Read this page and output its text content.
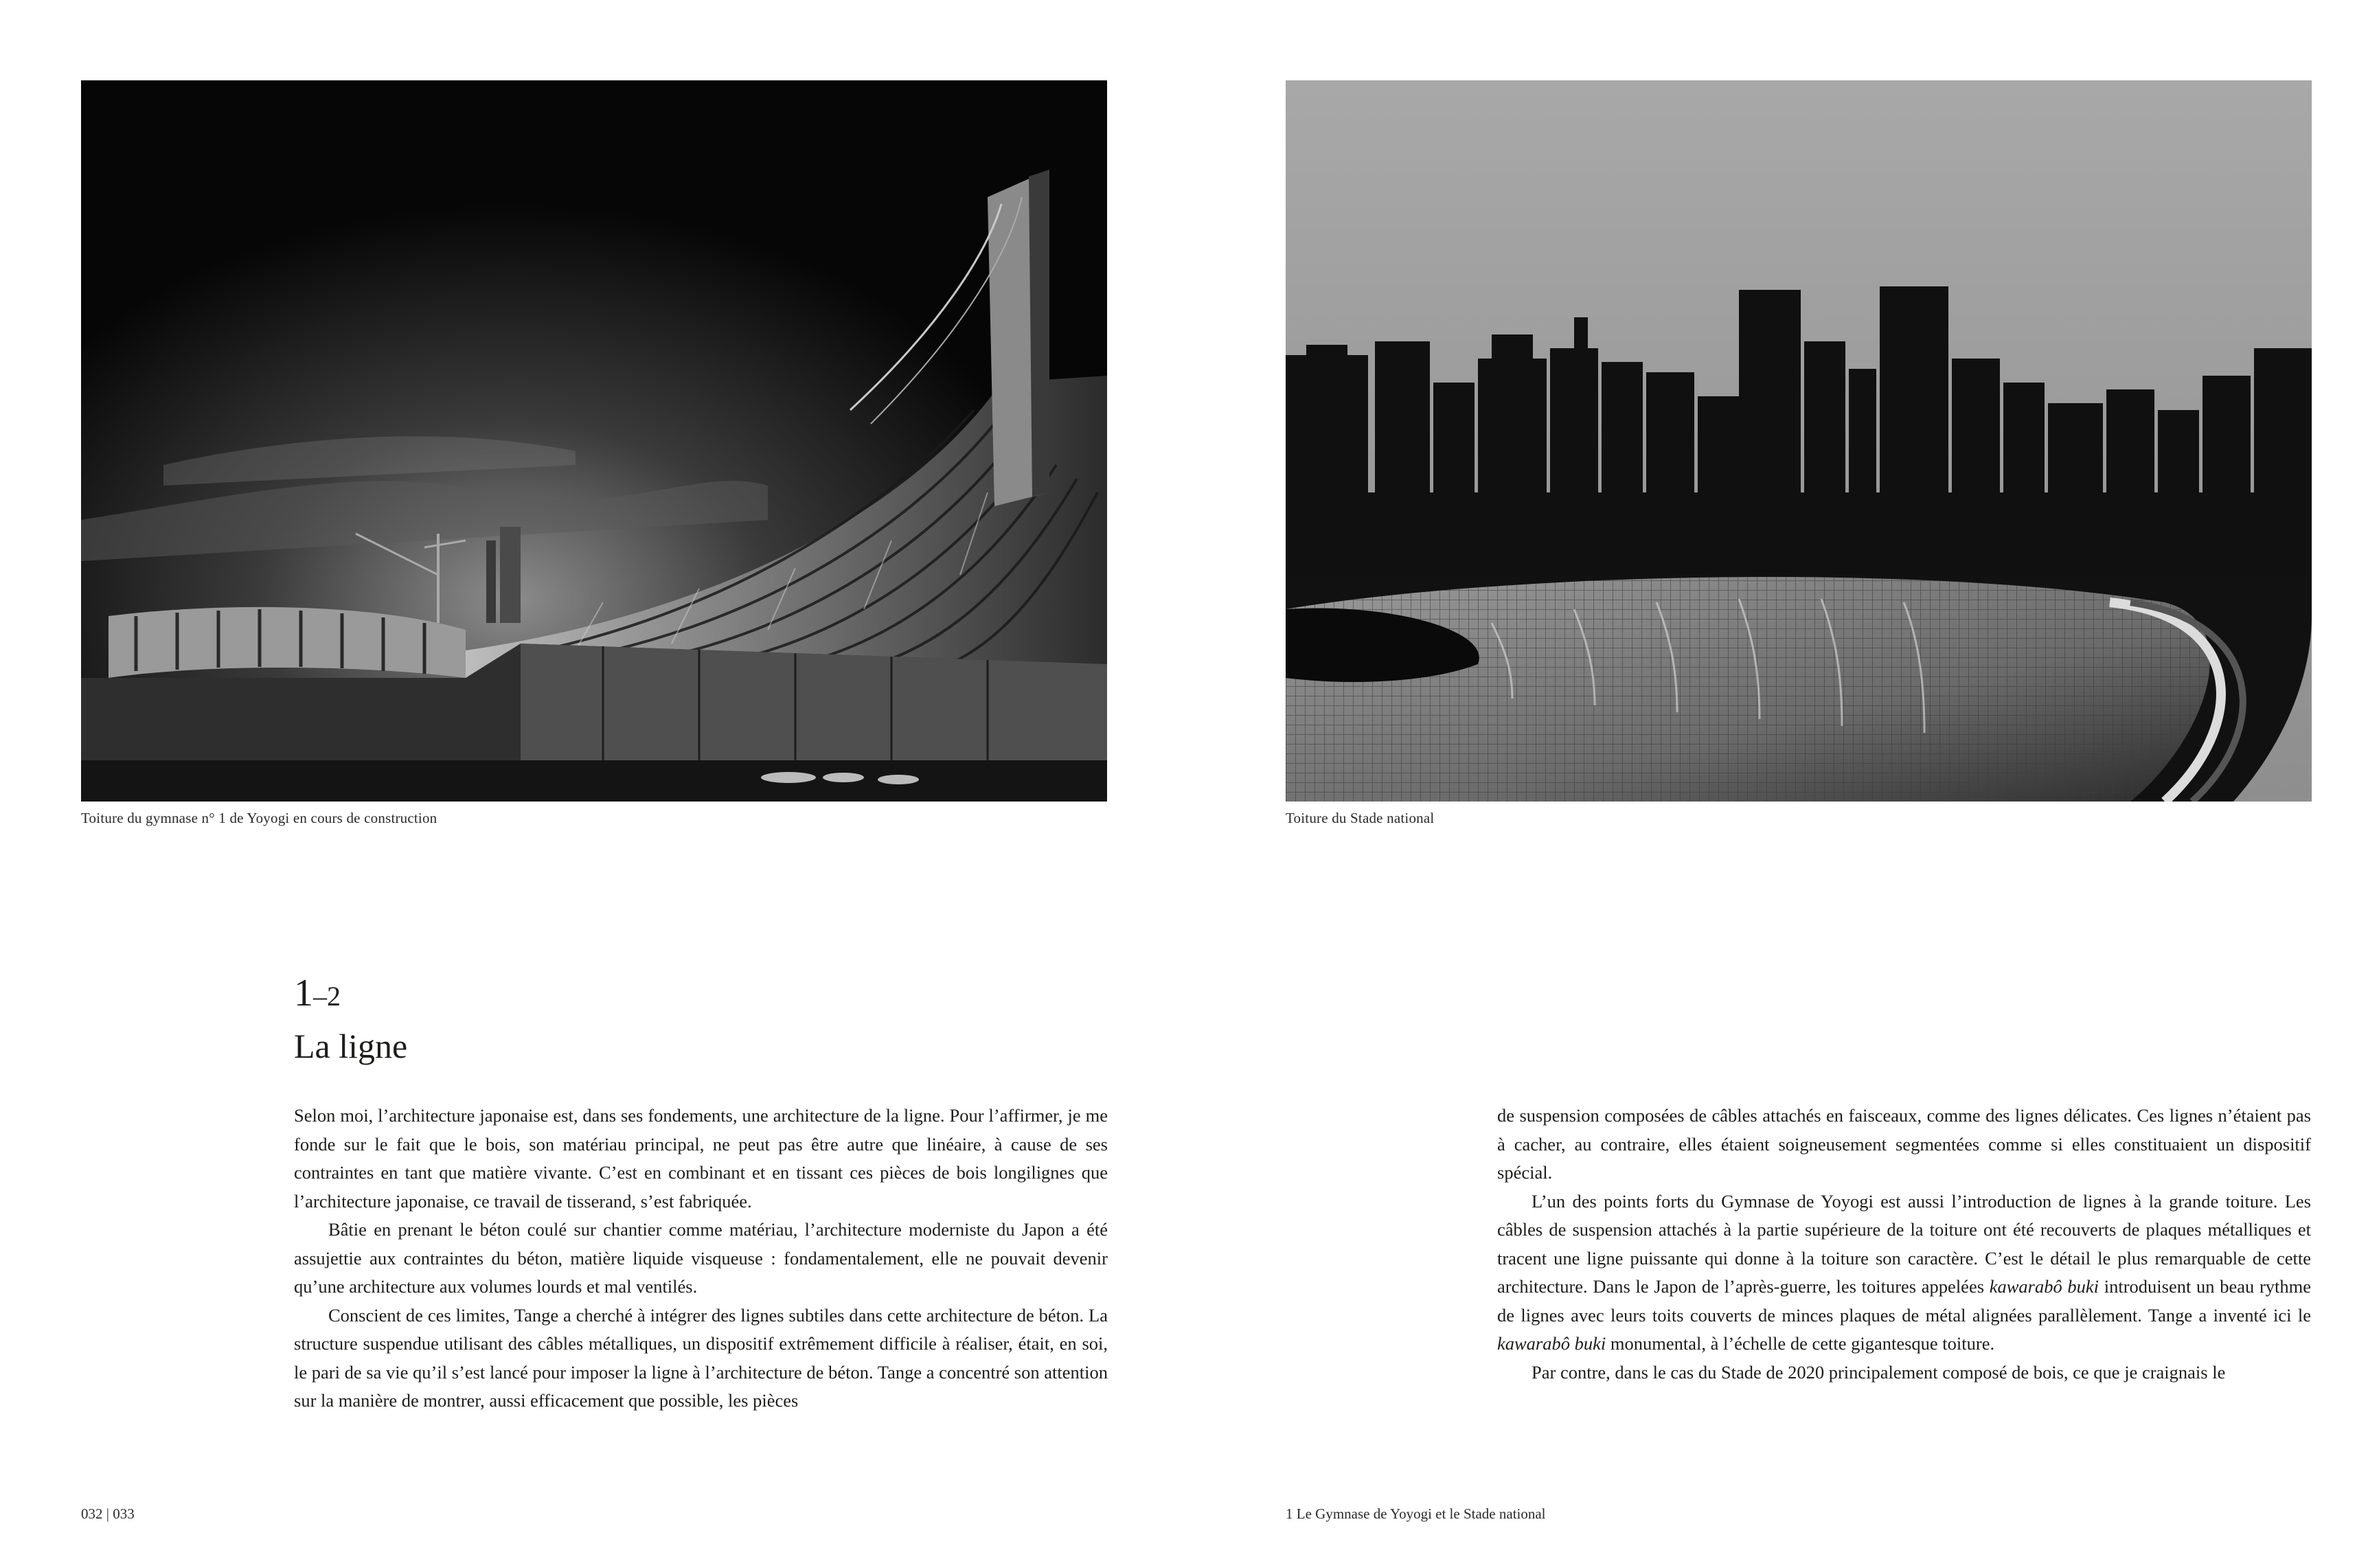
Toiture du gymnase n° 1 de Yoyogi en cours de construction	Toiture du Stade national
1–2
La ligne

Selon moi, l’architecture japonaise est, dans ses fondements, une architecture de la ligne. Pour l’affirmer, je me fonde sur le fait que le bois, son matériau principal, ne peut pas être autre que linéaire, à cause de ses contraintes en tant que matière vivante. C’est en combinant et en tissant ces pièces de bois longilignes que l’architecture japonaise, ce travail de tisserand, s’est fabriquée.

Bâtie en prenant le béton coulé sur chantier comme matériau, l’architecture moderniste du Japon a été assujettie aux contraintes du béton, matière liquide visqueuse : fondamentalement, elle ne pouvait devenir qu’une architecture aux volumes lourds et mal ventilés.

Conscient de ces limites, Tange a cherché à intégrer des lignes subtiles dans cette architecture de béton. La structure suspendue utilisant des câbles métalliques, un dispositif extrêmement difficile à réaliser, était, en soi, le pari de sa vie qu’il s’est lancé pour imposer la ligne à l’architecture de béton. Tange a concentré son attention sur la manière de montrer, aussi efficacement que possible, les pièces

de suspension composées de câbles attachés en faisceaux, comme des lignes délicates. Ces lignes n’étaient pas à cacher, au contraire, elles étaient soigneusement segmentées comme si elles constituaient un dispositif spécial.

L’un des points forts du Gymnase de Yoyogi est aussi l’introduction de lignes à la grande toiture. Les câbles de suspension attachés à la partie supérieure de la toiture ont été recouverts de plaques métalliques et tracent une ligne puissante qui donne à la toiture son caractère. C’est le détail le plus remarquable de cette architecture. Dans le Japon de l’après-guerre, les toitures appelées kawarabô buki introduisent un beau rythme de lignes avec leurs toits couverts de minces plaques de métal alignées parallèlement. Tange a inventé ici le kawarabô buki monumental, à l’échelle de cette gigantesque toiture.

Par contre, dans le cas du Stade de 2020 principalement composé de bois, ce que je craignais le

032 | 033	1 Le Gymnase de Yoyogi et le Stade national
